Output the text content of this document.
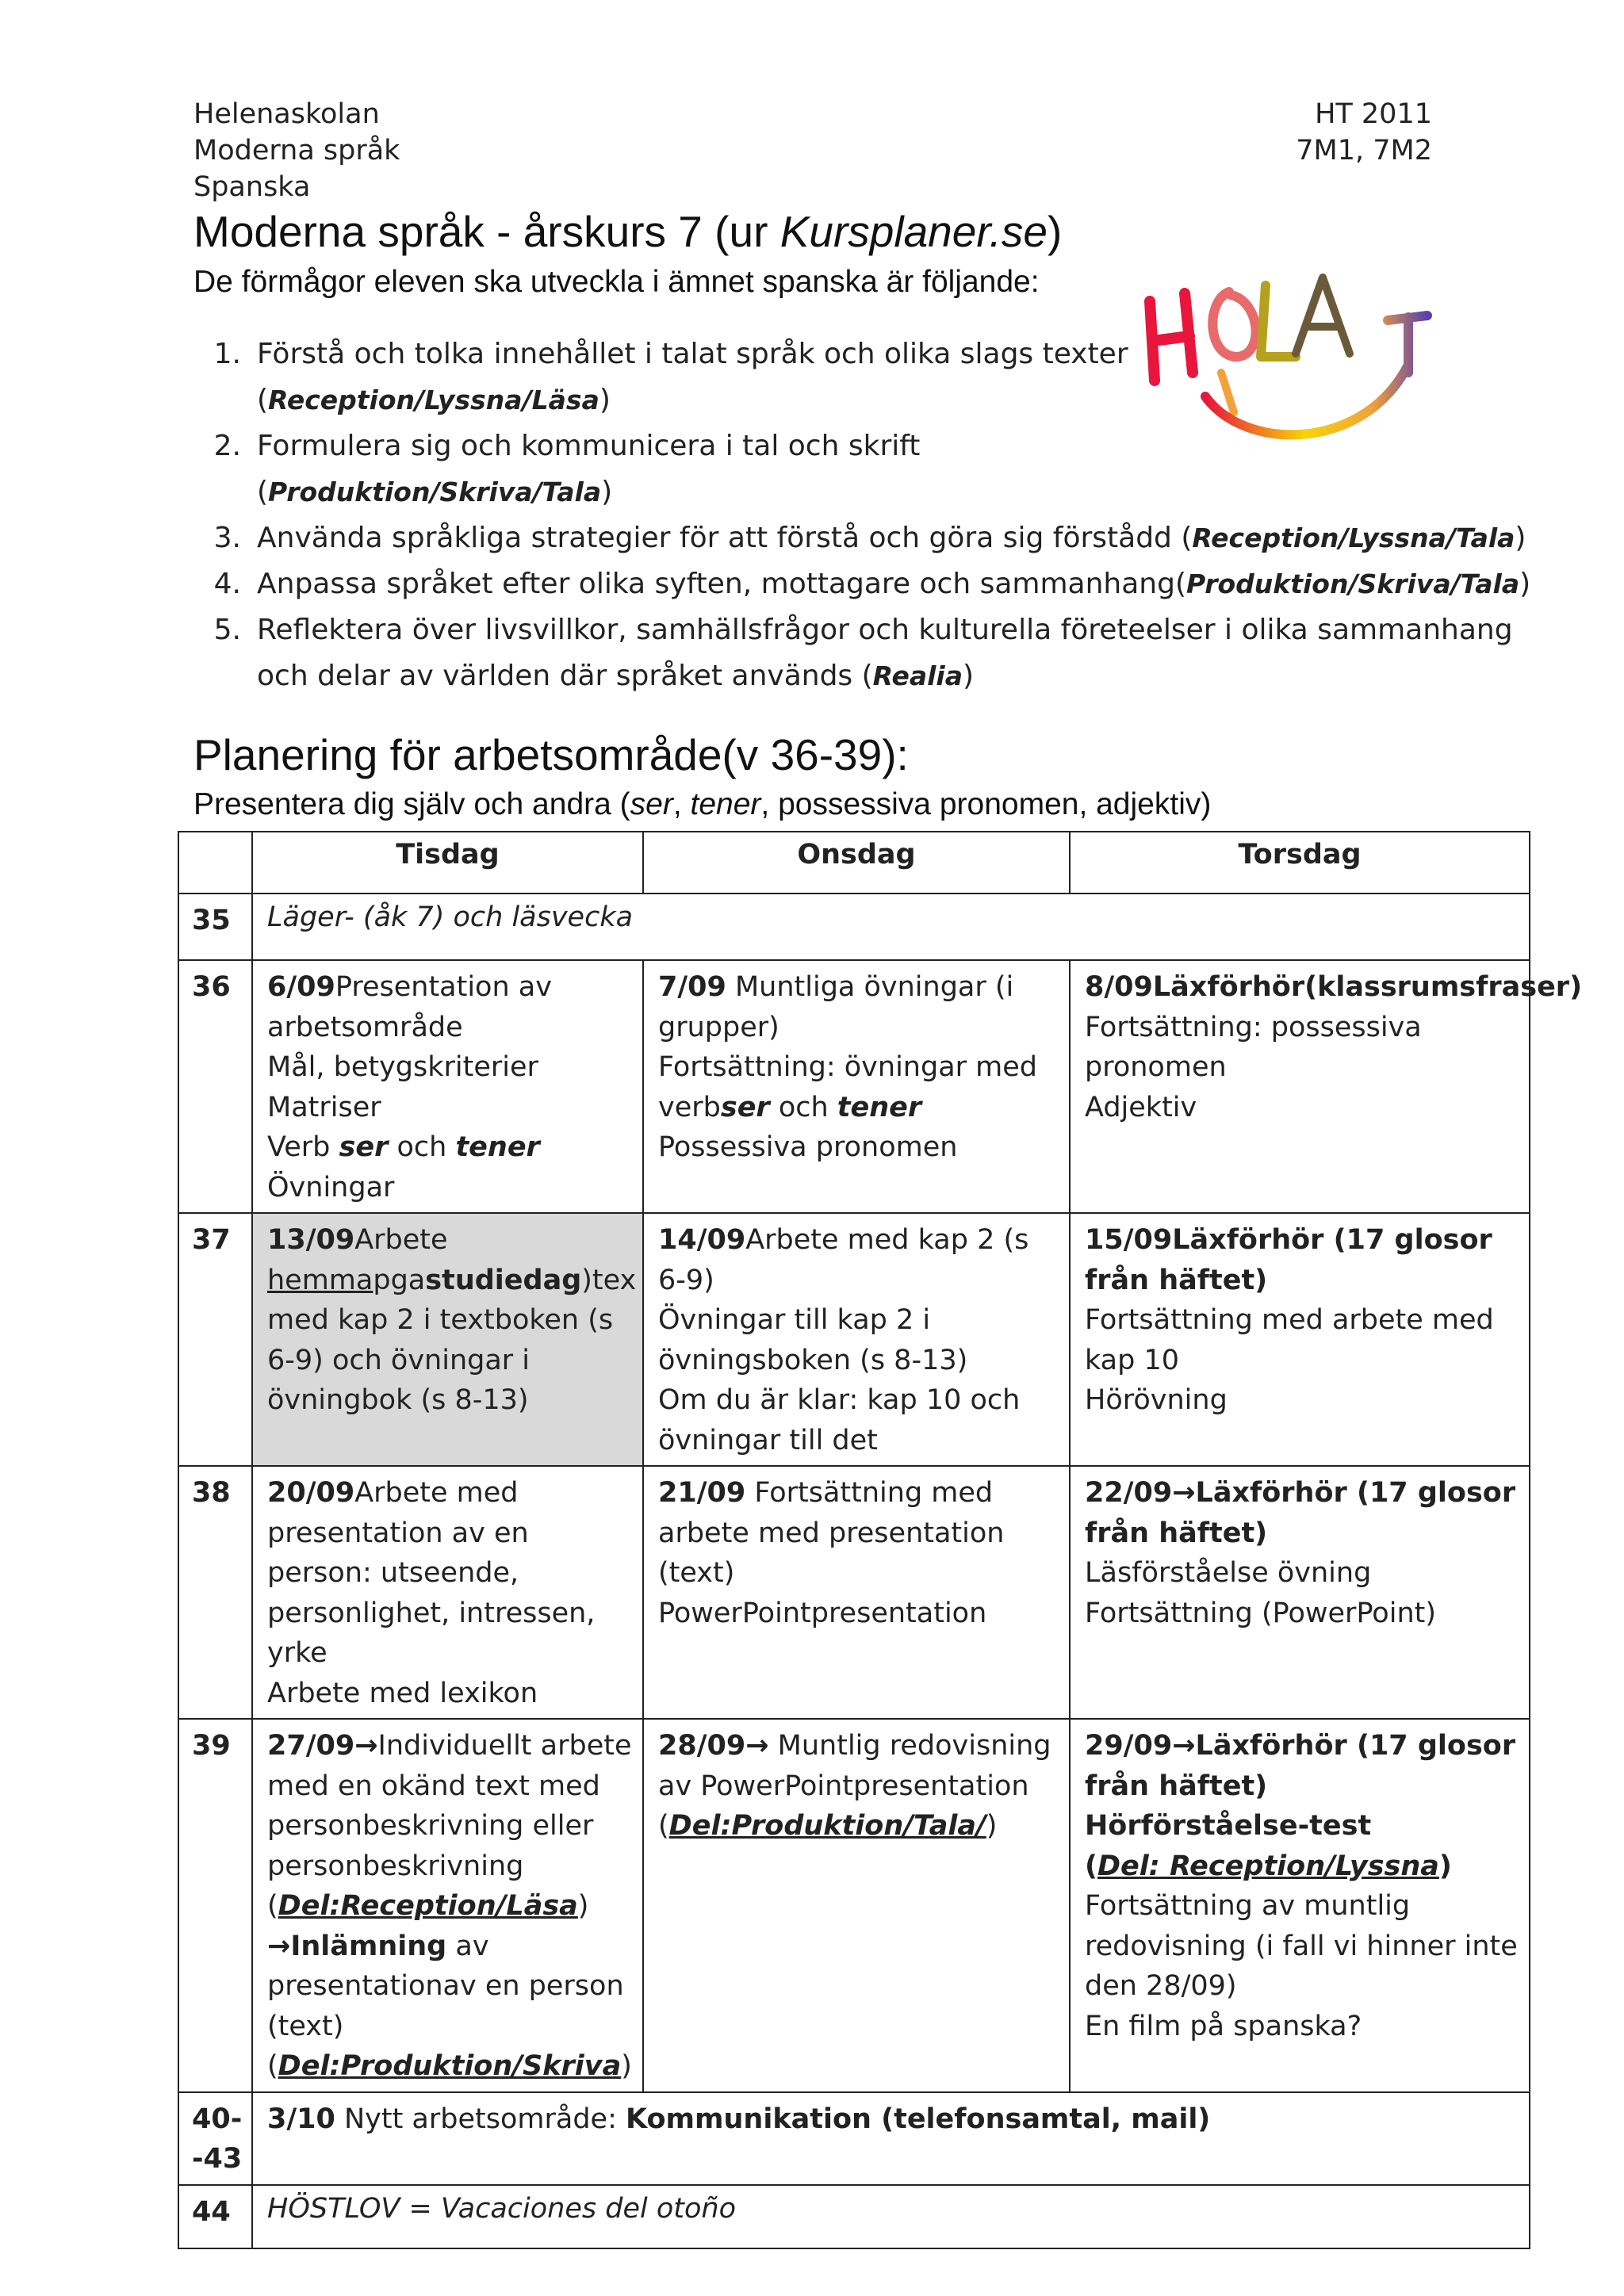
Helenaskolan
Moderna språk
Spanska
HT 2011
7M1, 7M2
Moderna språk - årskurs 7 (ur Kursplaner.se)
De förmågor eleven ska utveckla i ämnet spanska är följande:
1. Förstå och tolka innehållet i talat språk och olika slags texter
(Reception/Lyssna/Läsa)
2. Formulera sig och kommunicera i tal och skrift
(Produktion/Skriva/Tala)
3. Använda språkliga strategier för att förstå och göra sig förstådd (Reception/Lyssna/Tala)
4. Anpassa språket efter olika syften, mottagare och sammanhang(Produktion/Skriva/Tala)
5. Reflektera över livsvillkor, samhällsfrågor och kulturella företeelser i olika sammanhang
och delar av världen där språket används (Realia)
Planering för arbetsområde(v 36-39):
Presentera dig själv och andra (ser, tener, possessiva pronomen, adjektiv)
	Tisdag	Onsdag	Torsdag
35	Läger- (åk 7) och läsvecka		
36	6/09Presentation av arbetsområde
Mål, betygskriterier
Matriser
Verb ser och tener
Övningar	7/09 Muntliga övningar (i grupper)
Fortsättning: övningar med verbser och tener
Possessiva pronomen	8/09Läxförhör(klassrumsfraser)
Fortsättning: possessiva pronomen
Adjektiv
37	13/09Arbete hemmapgastudiedag)tex med kap 2 i textboken (s 6-9) och övningar i övningbok (s 8-13)	14/09Arbete med kap 2 (s 6-9)
Övningar till kap 2 i övningsboken (s 8-13)
Om du är klar: kap 10 och övningar till det	15/09Läxförhör (17 glosor från häftet)
Fortsättning med arbete med kap 10
Hörövning
38	20/09Arbete med presentation av en person: utseende, personlighet, intressen, yrke
Arbete med lexikon	21/09 Fortsättning med arbete med presentation (text)
PowerPointpresentation	22/09→Läxförhör (17 glosor från häftet)
Läsförståelse övning
Fortsättning (PowerPoint)
39	27/09→Individuellt arbete med en okänd text med personbeskrivning eller personbeskrivning
(Del:Reception/Läsa)
→Inlämning av presentationav en person (text)
(Del:Produktion/Skriva)	28/09→ Muntlig redovisning av PowerPointpresentation
(Del:Produktion/Tala/)	29/09→Läxförhör (17 glosor från häftet)
Hörförståelse-test
(Del: Reception/Lyssna)
Fortsättning av muntlig redovisning (i fall vi hinner inte den 28/09)
En film på spanska?
40--43	3/10 Nytt arbetsområde: Kommunikation (telefonsamtal, mail)		
44	HÖSTLOV = Vacaciones del otoño		
